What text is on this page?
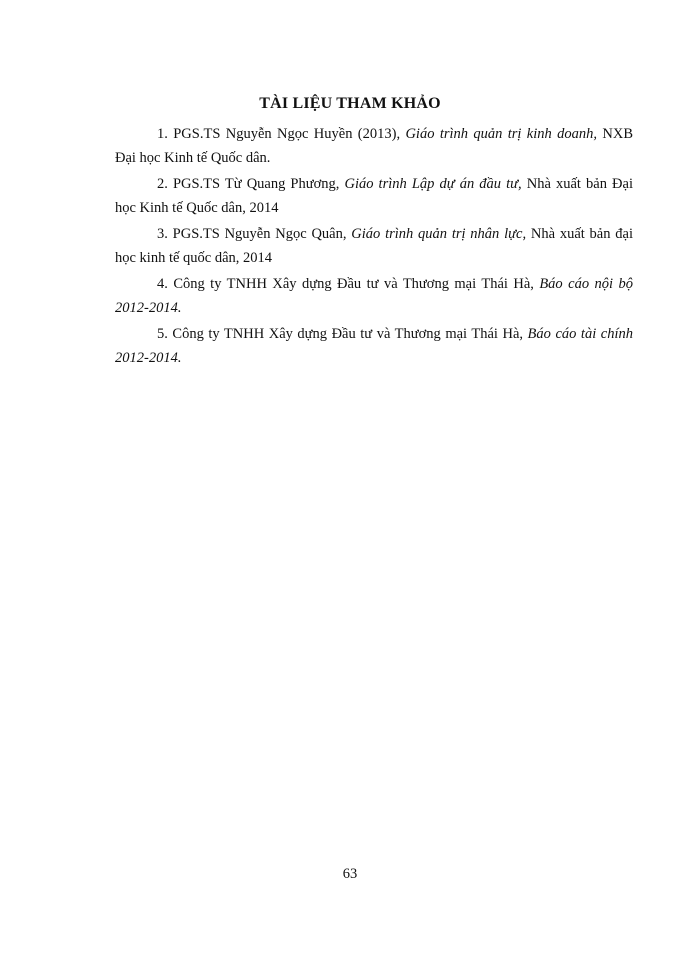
TÀI LIỆU THAM KHẢO

1. PGS.TS Nguyễn Ngọc Huyền (2013), Giáo trình quản trị kinh doanh, NXB Đại học Kinh tế Quốc dân.

2. PGS.TS Từ Quang Phương, Giáo trình Lập dự án đầu tư, Nhà xuất bản Đại học Kinh tế Quốc dân, 2014

3. PGS.TS Nguyễn Ngọc Quân, Giáo trình quản trị nhân lực, Nhà xuất bản đại học kinh tế quốc dân, 2014

4. Công ty TNHH Xây dựng Đầu tư và Thương mại Thái Hà, Báo cáo nội bộ 2012-2014.

5. Công ty TNHH Xây dựng Đầu tư và Thương mại Thái Hà, Báo cáo tài chính 2012-2014.

63
